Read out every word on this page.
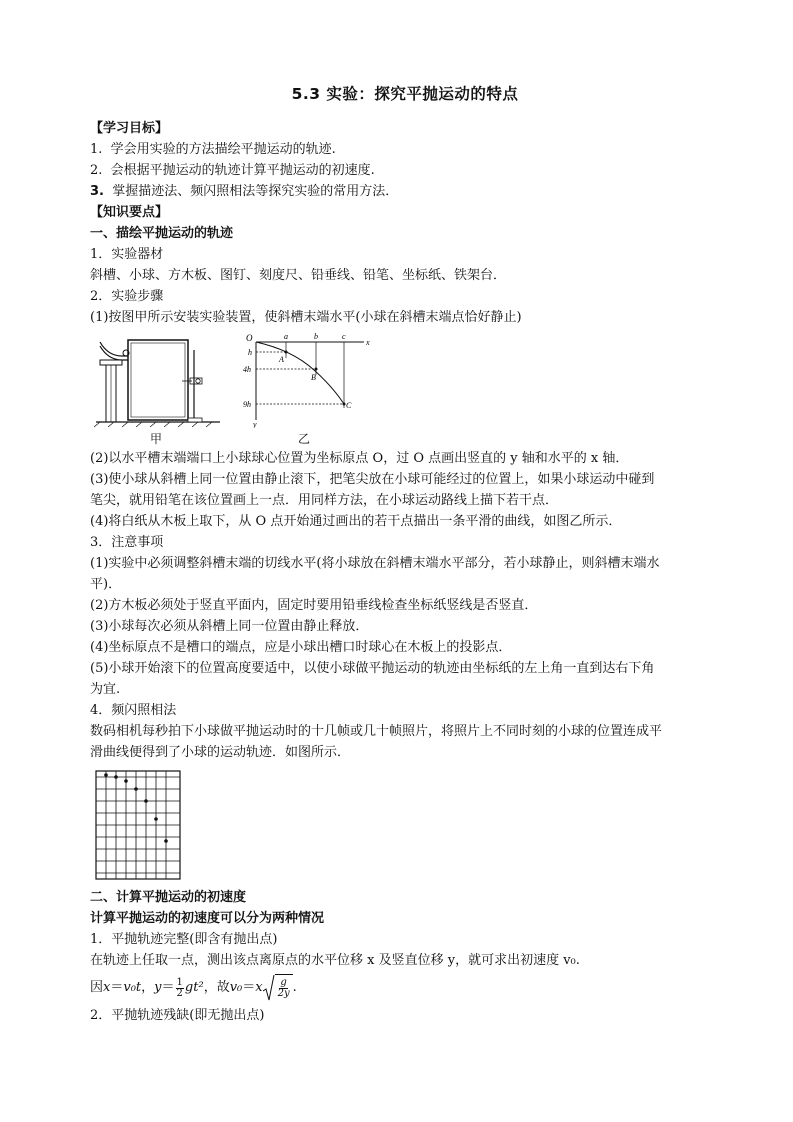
5.3 实验：探究平抛运动的特点

【学习目标】

1. 学会用实验的方法描绘平抛运动的轨迹.

2. 会根据平抛运动的轨迹计算平抛运动的初速度.

3. 掌握描迹法、频闪照相法等探究实验的常用方法．

【知识要点】

一、描绘平抛运动的轨迹

1．实验器材

斜槽、小球、方木板、图钉、刻度尺、铅垂线、铅笔、坐标纸、铁架台．

2．实验步骤

(1)按图甲所示安装实验装置，使斜槽末端水平(小球在斜槽末端点恰好静止)

O	a	b	c
x
y
A
B
C
h
4h
9h
甲	乙

(2)以水平槽末端端口上小球球心位置为坐标原点 O，过 O 点画出竖直的 y 轴和水平的 x 轴．

(3)使小球从斜槽上同一位置由静止滚下，把笔尖放在小球可能经过的位置上，如果小球运动中碰到

笔尖，就用铅笔在该位置画上一点．用同样方法，在小球运动路线上描下若干点．

(4)将白纸从木板上取下，从 O 点开始通过画出的若干点描出一条平滑的曲线，如图乙所示．

3．注意事项

(1)实验中必须调整斜槽末端的切线水平(将小球放在斜槽末端水平部分，若小球静止，则斜槽末端水

平)．

(2)方木板必须处于竖直平面内，固定时要用铅垂线检查坐标纸竖线是否竖直．

(3)小球每次必须从斜槽上同一位置由静止释放．

(4)坐标原点不是槽口的端点，应是小球出槽口时球心在木板上的投影点．

(5)小球开始滚下的位置高度要适中，以使小球做平抛运动的轨迹由坐标纸的左上角一直到达右下角

为宜.

4．频闪照相法

数码相机每秒拍下小球做平抛运动时的十几帧或几十帧照片，将照片上不同时刻的小球的位置连成平

滑曲线便得到了小球的运动轨迹．如图所示．

二、计算平抛运动的初速度

计算平抛运动的初速度可以分为两种情况

1．平抛轨迹完整(即含有抛出点)

在轨迹上任取一点，测出该点离原点的水平位移 x 及竖直位移 y，就可求出初速度 v₀.

因 x ＝ v₀t ， $y = \frac{1}{2} gt^2$ ，故 v₀ ＝ x $\frac{g}{2y}$ .

2．平抛轨迹残缺(即无抛出点)
